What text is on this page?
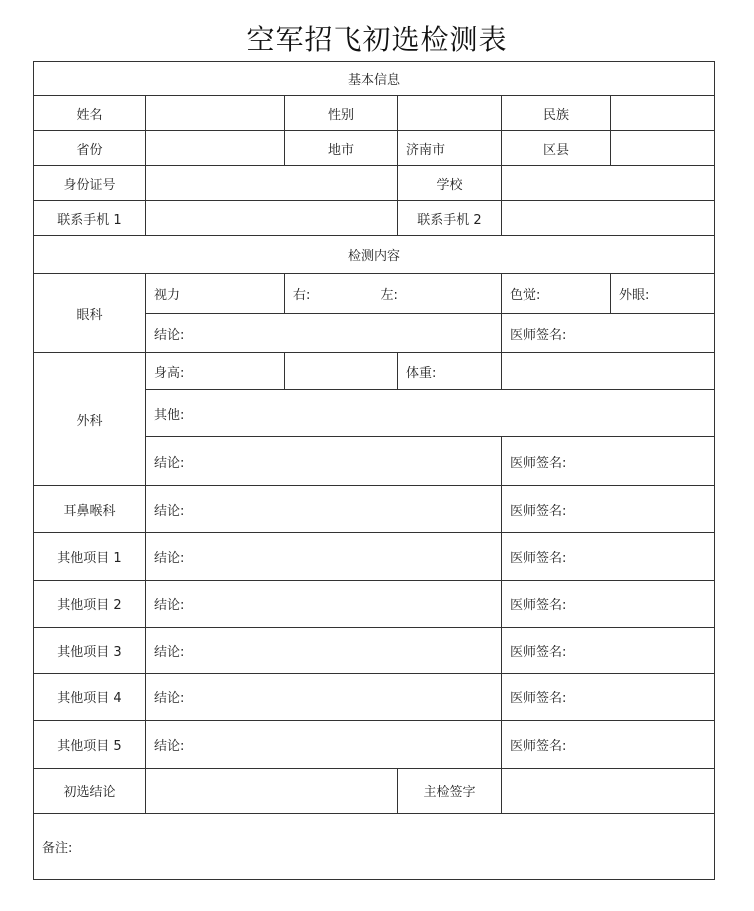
空军招飞初选检测表
基本信息					
姓名		性别		民族	
省份		地市	济南市	区县	
身份证号			学校		
联系手机 1			联系手机 2		
检测内容					
眼科	视力	右: 左:		色觉:	外眼:
	结论:			医师签名:	
外科	身高:		体重:		
	其他:				
	结论:			医师签名:	
耳鼻喉科	结论:			医师签名:	
其他项目 1	结论:			医师签名:	
其他项目 2	结论:			医师签名:	
其他项目 3	结论:			医师签名:	
其他项目 4	结论:			医师签名:	
其他项目 5	结论:			医师签名:	
初选结论			主检签字		
备注:					
